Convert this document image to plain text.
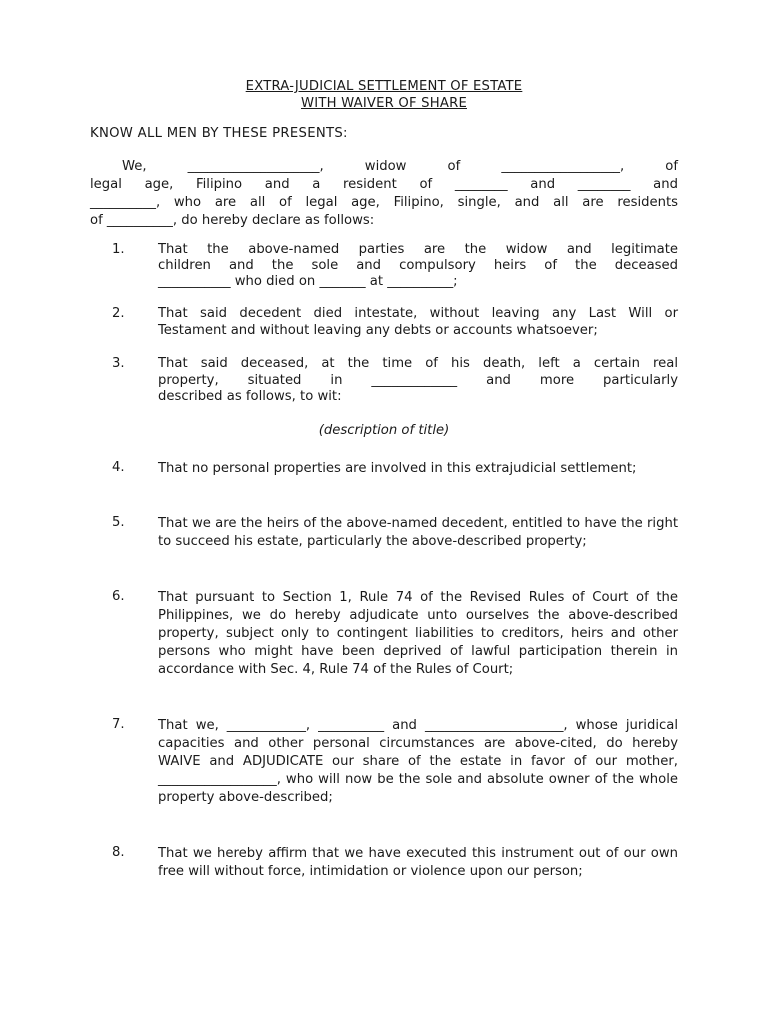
EXTRA-JUDICIAL SETTLEMENT OF ESTATE
WITH WAIVER OF SHARE
KNOW ALL MEN BY THESE PRESENTS:
We, ____________________, widow of __________________, of
legal age, Filipino and a resident of ________ and ________ and
__________, who are all of legal age, Filipino, single, and all are residents
of __________, do hereby declare as follows:
1.	That the above-named parties are the widow and legitimate
children and the sole and compulsory heirs of the deceased
___________ who died on _______ at __________;
2.	That said decedent died intestate, without leaving any Last Will or
Testament and without leaving any debts or accounts whatsoever;
3.	That said deceased, at the time of his death, left a certain real
property, situated in _____________ and more particularly
described as follows, to wit:
(description of title)
4.	That no personal properties are involved in this extrajudicial settlement;
5.	That we are the heirs of the above-named decedent, entitled to have the right to succeed his estate, particularly the above-described property;
6.	That pursuant to Section 1, Rule 74 of the Revised Rules of Court of the Philippines, we do hereby adjudicate unto ourselves the above-described property, subject only to contingent liabilities to creditors, heirs and other persons who might have been deprived of lawful participation therein in accordance with Sec. 4, Rule 74 of the Rules of Court;
7.	That we, ____________, __________ and _____________________, whose juridical capacities and other personal circumstances are above-cited, do hereby WAIVE and ADJUDICATE our share of the estate in favor of our mother, __________________, who will now be the sole and absolute owner of the whole property above-described;
8.	That we hereby affirm that we have executed this instrument out of our own free will without force, intimidation or violence upon our person;
